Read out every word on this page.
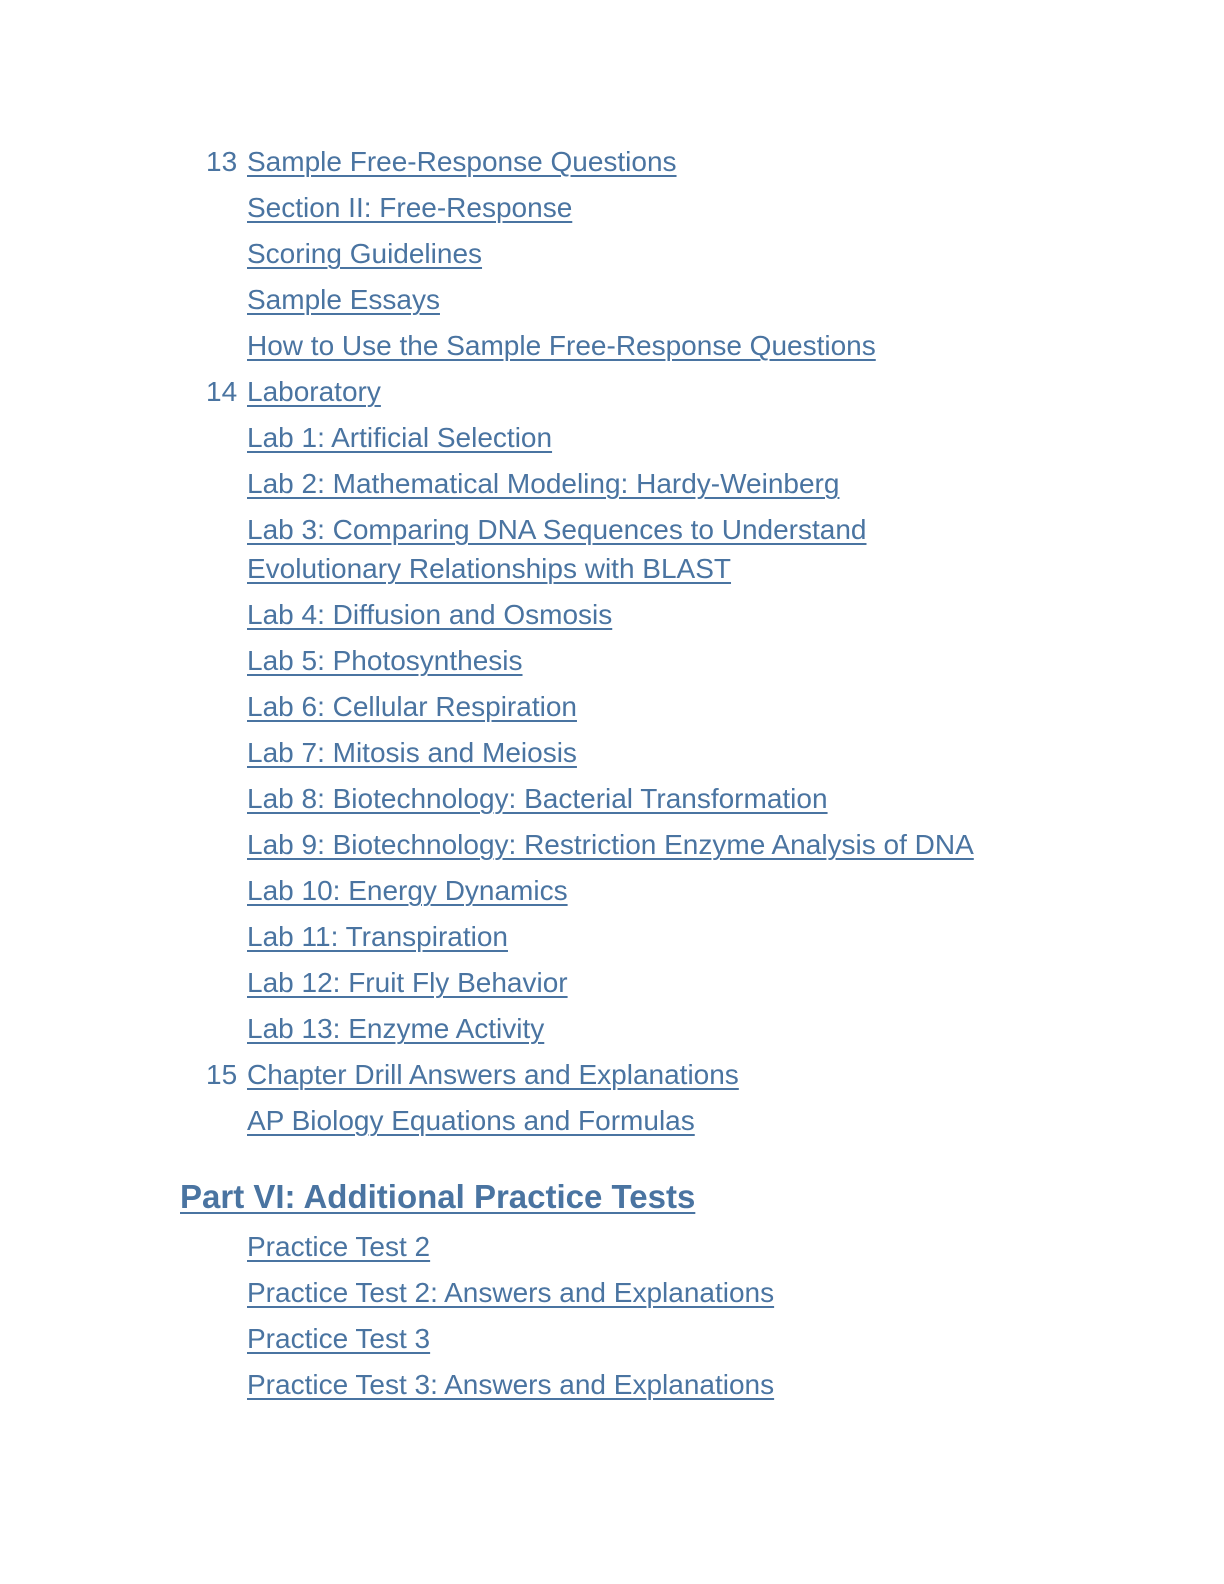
13 Sample Free-Response Questions
Section II: Free-Response
Scoring Guidelines
Sample Essays
How to Use the Sample Free-Response Questions
14 Laboratory
Lab 1: Artificial Selection
Lab 2: Mathematical Modeling: Hardy-Weinberg
Lab 3: Comparing DNA Sequences to Understand Evolutionary Relationships with BLAST
Lab 4: Diffusion and Osmosis
Lab 5: Photosynthesis
Lab 6: Cellular Respiration
Lab 7: Mitosis and Meiosis
Lab 8: Biotechnology: Bacterial Transformation
Lab 9: Biotechnology: Restriction Enzyme Analysis of DNA
Lab 10: Energy Dynamics
Lab 11: Transpiration
Lab 12: Fruit Fly Behavior
Lab 13: Enzyme Activity
15 Chapter Drill Answers and Explanations
AP Biology Equations and Formulas
Part VI: Additional Practice Tests
Practice Test 2
Practice Test 2: Answers and Explanations
Practice Test 3
Practice Test 3: Answers and Explanations
